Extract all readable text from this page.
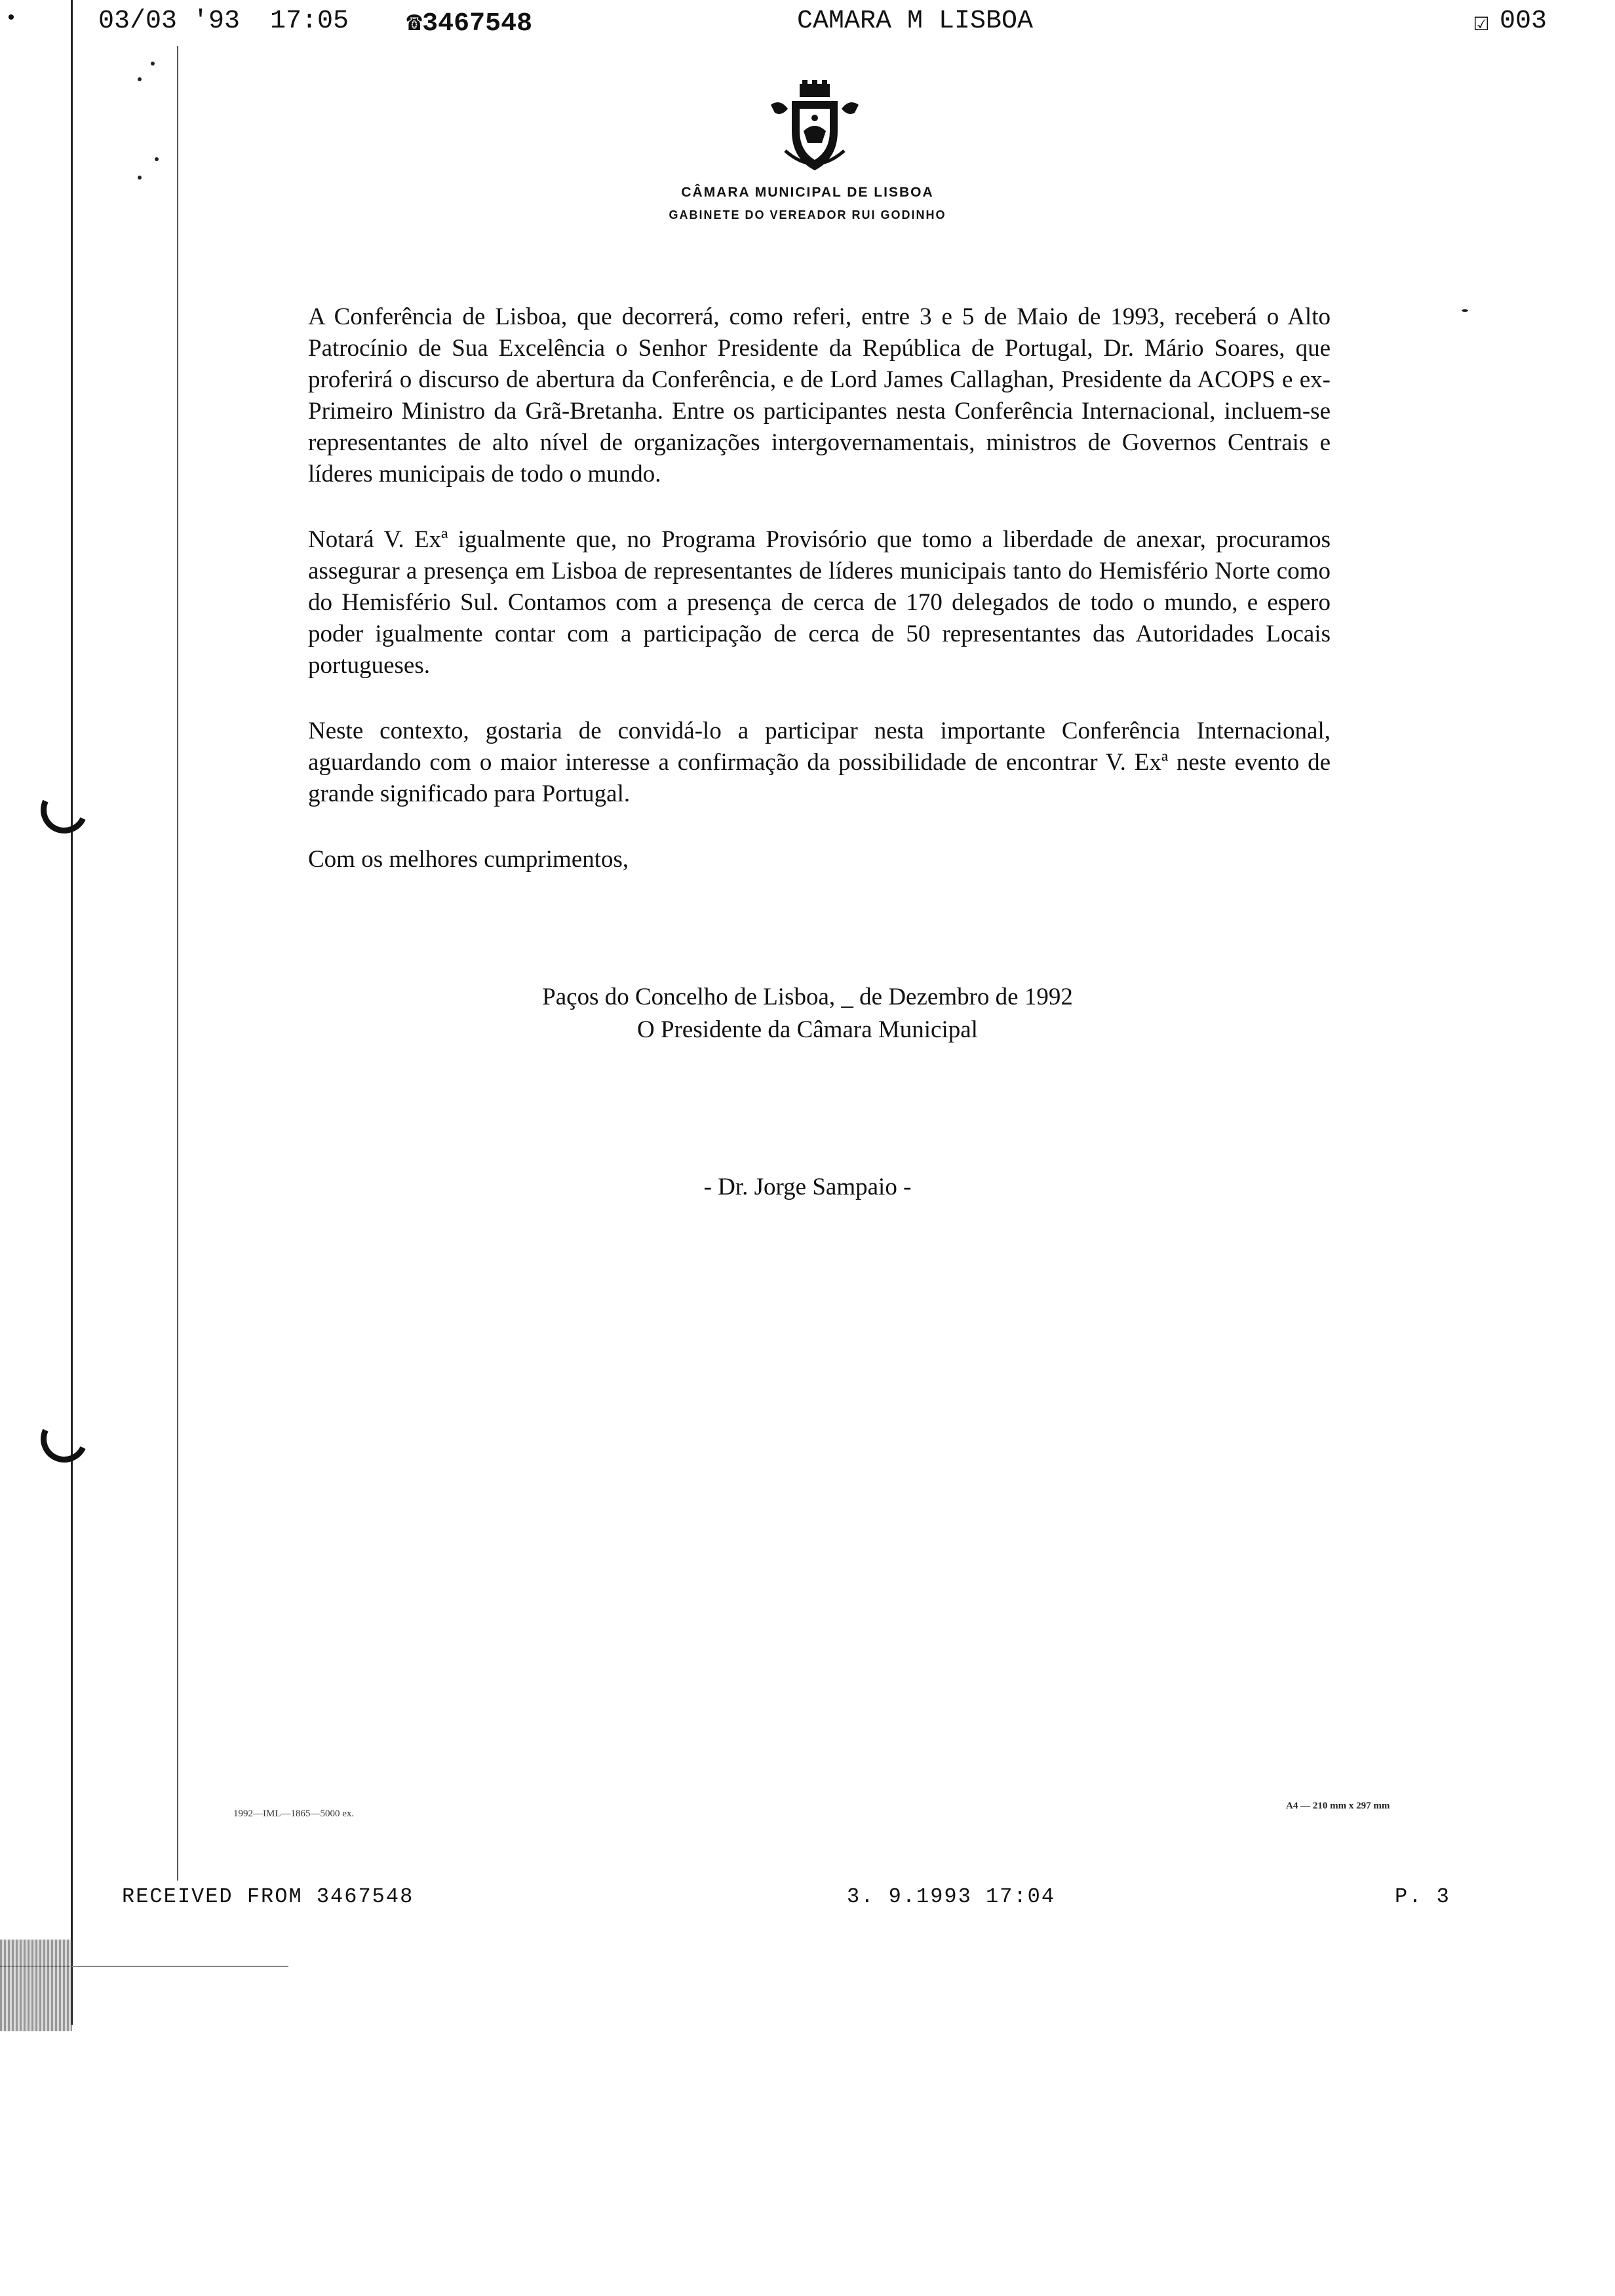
•	03/03 '93 17:05 ☎3467548	CAMARA M LISBOA	☑ 003
CÂMARA MUNICIPAL DE LISBOA
GABINETE DO VEREADOR RUI GODINHO

A Conferência de Lisboa, que decorrerá, como referi, entre 3 e 5 de Maio de 1993, receberá o Alto Patrocínio de Sua Excelência o Senhor Presidente da República de Portugal, Dr. Mário Soares, que proferirá o discurso de abertura da Conferência, e de Lord James Callaghan, Presidente da ACOPS e ex-Primeiro Ministro da Grã-Bretanha. Entre os participantes nesta Conferência Internacional, incluem-se representantes de alto nível de organizações intergovernamentais, ministros de Governos Centrais e líderes municipais de todo o mundo.

Notará V. Exª igualmente que, no Programa Provisório que tomo a liberdade de anexar, procuramos assegurar a presença em Lisboa de representantes de líderes municipais tanto do Hemisfério Norte como do Hemisfério Sul. Contamos com a presença de cerca de 170 delegados de todo o mundo, e espero poder igualmente contar com a participação de cerca de 50 representantes das Autoridades Locais portugueses.

Neste contexto, gostaria de convidá-lo a participar nesta importante Conferência Internacional, aguardando com o maior interesse a confirmação da possibilidade de encontrar V. Exª neste evento de grande significado para Portugal.

Com os melhores cumprimentos,

Paços do Concelho de Lisboa, _ de Dezembro de 1992
O Presidente da Câmara Municipal
- Dr. Jorge Sampaio -
1992—IML—1865—5000 ex.
A4 — 210 mm x 297 mm
RECEIVED FROM 3467548	3. 9.1993 17:04	P. 3
